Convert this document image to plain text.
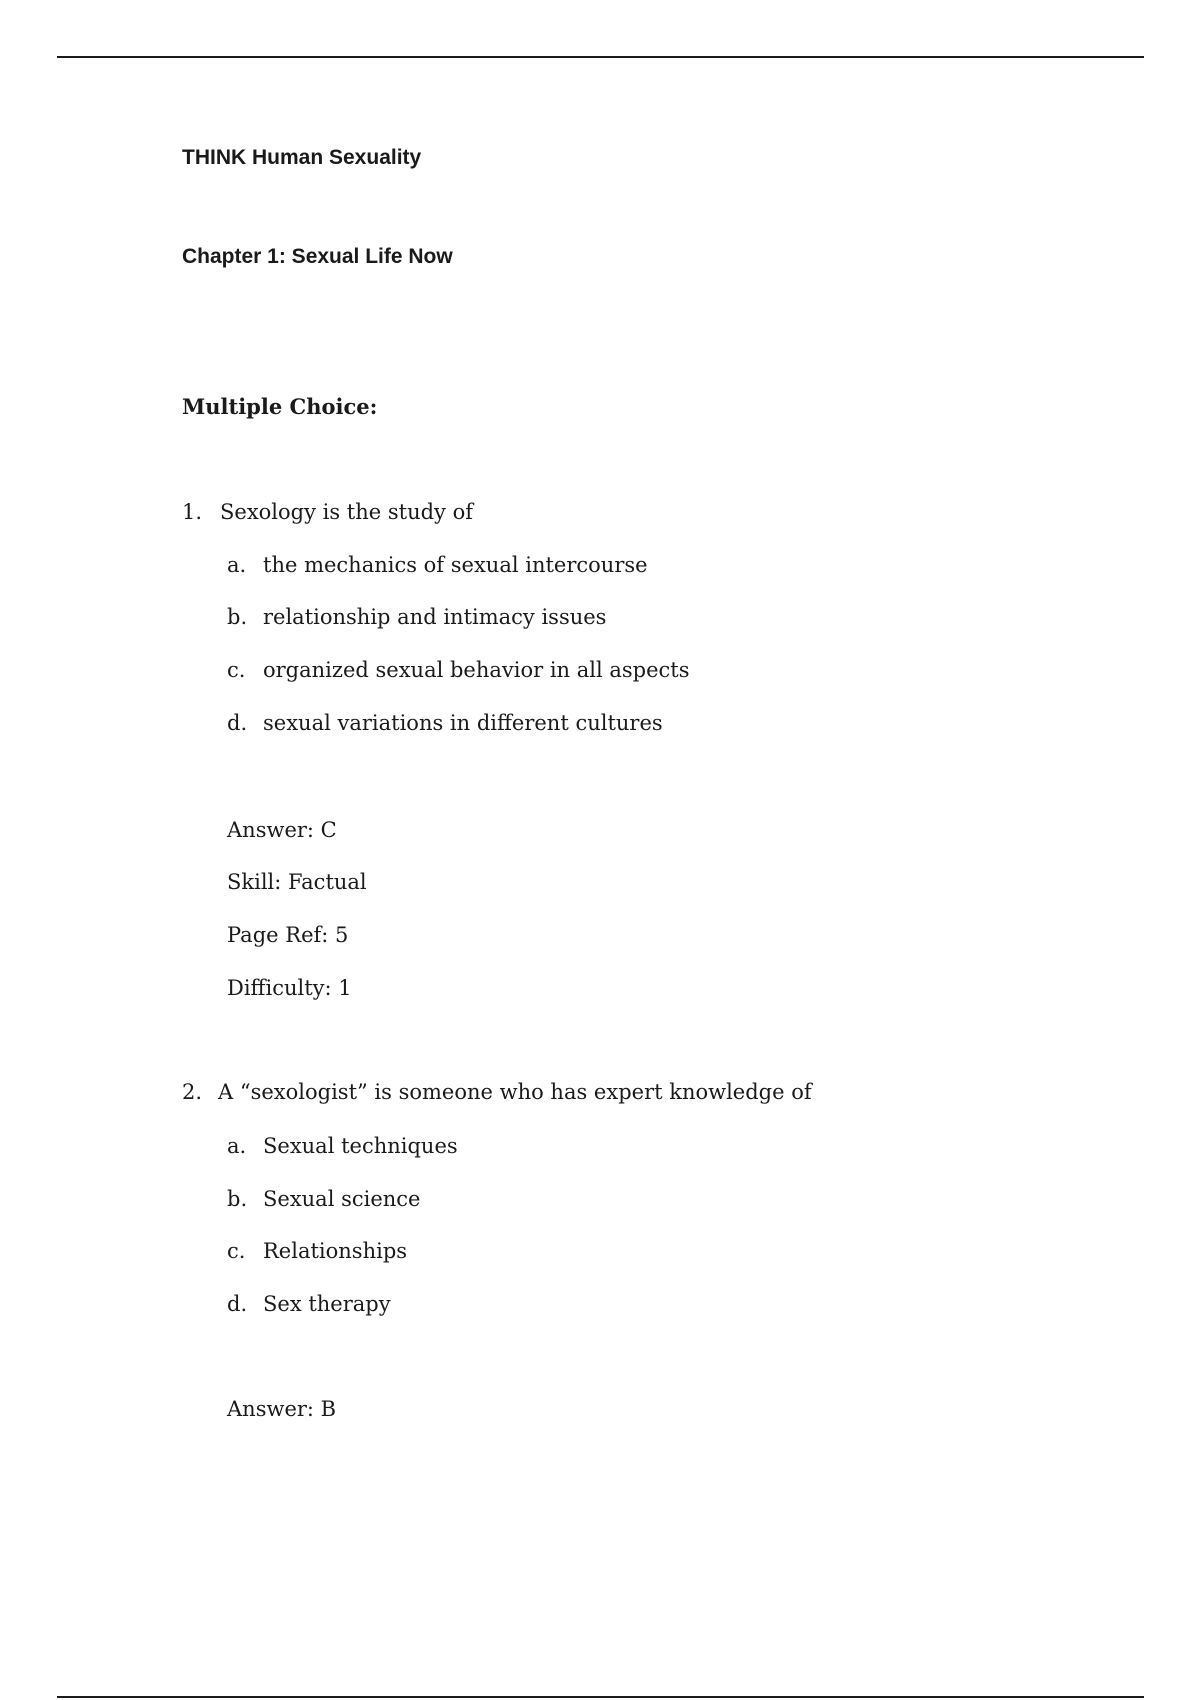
THINK Human Sexuality

Chapter 1: Sexual Life Now

Multiple Choice:

1. Sexology is the study of
a. the mechanics of sexual intercourse
b. relationship and intimacy issues
c. organized sexual behavior in all aspects
d. sexual variations in different cultures
Answer: C
Skill: Factual
Page Ref: 5
Difficulty: 1
2. A “sexologist” is someone who has expert knowledge of
a. Sexual techniques
b. Sexual science
c. Relationships
d. Sex therapy
Answer: B
